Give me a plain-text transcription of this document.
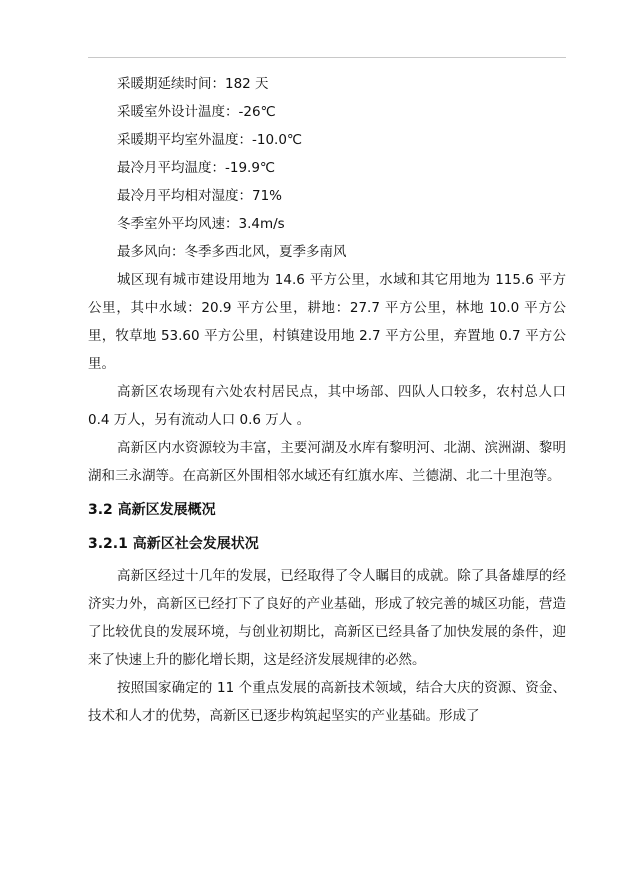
采暖期延续时间：182 天
采暖室外设计温度：-26℃
采暖期平均室外温度：-10.0℃
最冷月平均温度：-19.9℃
最冷月平均相对湿度：71%
冬季室外平均风速：3.4m/s
最多风向：冬季多西北风，夏季多南风

城区现有城市建设用地为 14.6 平方公里，水域和其它用地为 115.6 平方公里，其中水域：20.9 平方公里，耕地：27.7 平方公里，林地 10.0 平方公里，牧草地 53.60 平方公里，村镇建设用地 2.7 平方公里，弃置地 0.7 平方公里。

高新区农场现有六处农村居民点，其中场部、四队人口较多，农村总人口 0.4 万人，另有流动人口 0.6 万人 。

高新区内水资源较为丰富，主要河湖及水库有黎明河、北湖、滨洲湖、黎明湖和三永湖等。在高新区外围相邻水域还有红旗水库、兰德湖、北二十里泡等。

3.2 高新区发展概况
3.2.1 高新区社会发展状况

高新区经过十几年的发展，已经取得了令人瞩目的成就。除了具备雄厚的经济实力外，高新区已经打下了良好的产业基础，形成了较完善的城区功能，营造了比较优良的发展环境，与创业初期比，高新区已经具备了加快发展的条件，迎来了快速上升的膨化增长期，这是经济发展规律的必然。

按照国家确定的 11 个重点发展的高新技术领域，结合大庆的资源、资金、技术和人才的优势，高新区已逐步构筑起坚实的产业基础。形成了
